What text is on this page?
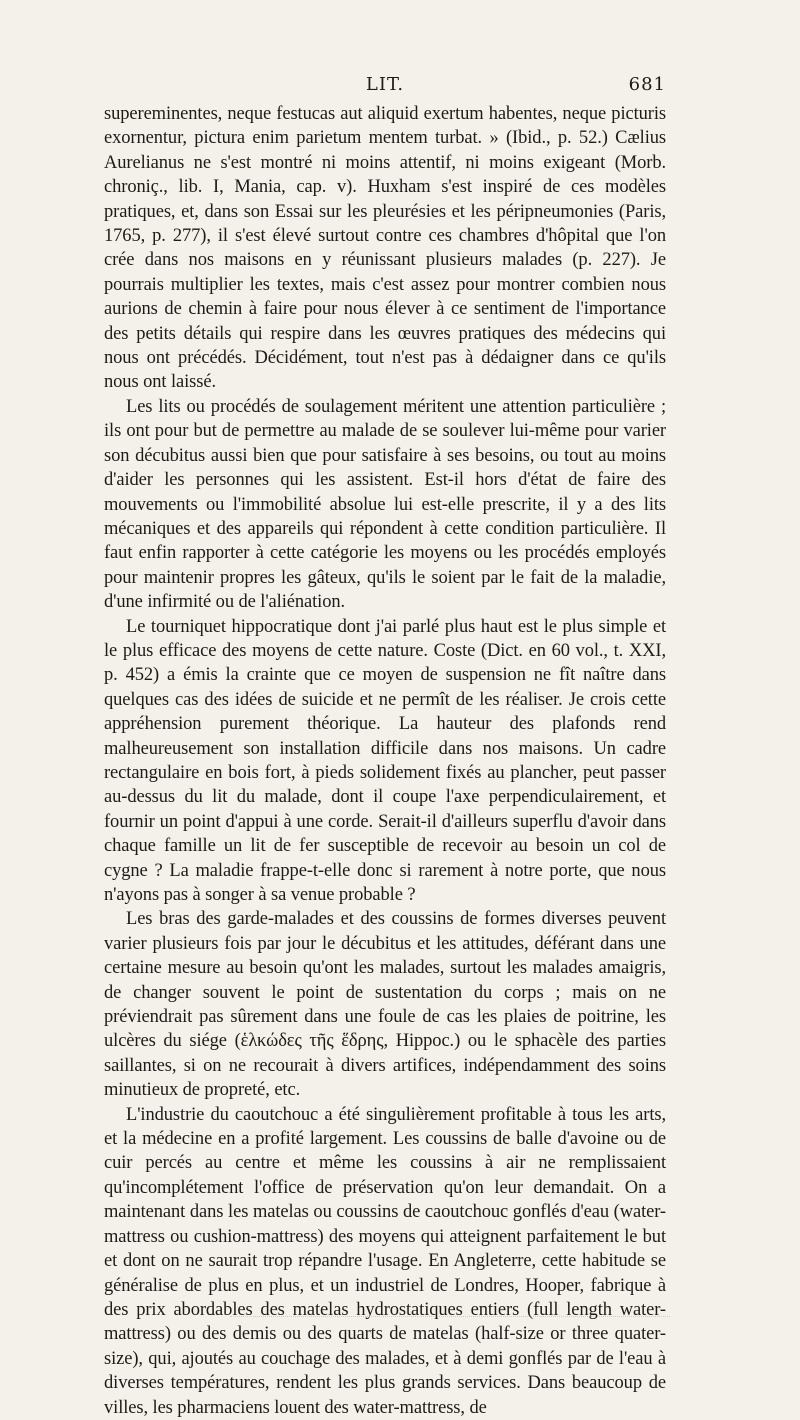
LIT.	681

supereminentes, neque festucas aut aliquid exertum habentes, neque picturis exornentur, pictura enim parietum mentem turbat. » (Ibid., p. 52.) Cælius Aurelianus ne s'est montré ni moins attentif, ni moins exigeant (Morb. chroniç., lib. I, Mania, cap. v). Huxham s'est inspiré de ces modèles pratiques, et, dans son Essai sur les pleurésies et les péripneumonies (Paris, 1765, p. 277), il s'est élevé surtout contre ces chambres d'hôpital que l'on crée dans nos maisons en y réunissant plusieurs malades (p. 227). Je pourrais multiplier les textes, mais c'est assez pour montrer combien nous aurions de chemin à faire pour nous élever à ce sentiment de l'importance des petits détails qui respire dans les œuvres pratiques des médecins qui nous ont précédés. Décidément, tout n'est pas à dédaigner dans ce qu'ils nous ont laissé.

Les lits ou procédés de soulagement méritent une attention particulière ; ils ont pour but de permettre au malade de se soulever lui-même pour varier son décubitus aussi bien que pour satisfaire à ses besoins, ou tout au moins d'aider les personnes qui les assistent. Est-il hors d'état de faire des mouvements ou l'immobilité absolue lui est-elle prescrite, il y a des lits mécaniques et des appareils qui répondent à cette condition particulière. Il faut enfin rapporter à cette catégorie les moyens ou les procédés employés pour maintenir propres les gâteux, qu'ils le soient par le fait de la maladie, d'une infirmité ou de l'aliénation.

Le tourniquet hippocratique dont j'ai parlé plus haut est le plus simple et le plus efficace des moyens de cette nature. Coste (Dict. en 60 vol., t. XXI, p. 452) a émis la crainte que ce moyen de suspension ne fît naître dans quelques cas des idées de suicide et ne permît de les réaliser. Je crois cette appréhension purement théorique. La hauteur des plafonds rend malheureusement son installation difficile dans nos maisons. Un cadre rectangulaire en bois fort, à pieds solidement fixés au plancher, peut passer au-dessus du lit du malade, dont il coupe l'axe perpendiculairement, et fournir un point d'appui à une corde. Serait-il d'ailleurs superflu d'avoir dans chaque famille un lit de fer susceptible de recevoir au besoin un col de cygne ? La maladie frappe-t-elle donc si rarement à notre porte, que nous n'ayons pas à songer à sa venue probable ?

Les bras des garde-malades et des coussins de formes diverses peuvent varier plusieurs fois par jour le décubitus et les attitudes, déférant dans une certaine mesure au besoin qu'ont les malades, surtout les malades amaigris, de changer souvent le point de sustentation du corps ; mais on ne préviendrait pas sûrement dans une foule de cas les plaies de poitrine, les ulcères du siége (ἑλκώδες τῆς ἕδρης, Hippoc.) ou le sphacèle des parties saillantes, si on ne recourait à divers artifices, indépendamment des soins minutieux de propreté, etc.

L'industrie du caoutchouc a été singulièrement profitable à tous les arts, et la médecine en a profité largement. Les coussins de balle d'avoine ou de cuir percés au centre et même les coussins à air ne remplissaient qu'incomplétement l'office de préservation qu'on leur demandait. On a maintenant dans les matelas ou coussins de caoutchouc gonflés d'eau (water-mattress ou cushion-mattress) des moyens qui atteignent parfaitement le but et dont on ne saurait trop répandre l'usage. En Angleterre, cette habitude se généralise de plus en plus, et un industriel de Londres, Hooper, fabrique à des prix abordables des matelas hydrostatiques entiers (full length water-mattress) ou des demis ou des quarts de matelas (half-size or three quater-size), qui, ajoutés au couchage des malades, et à demi gonflés par de l'eau à diverses températures, rendent les plus grands services. Dans beaucoup de villes, les pharmaciens louent des water-mattress, de
